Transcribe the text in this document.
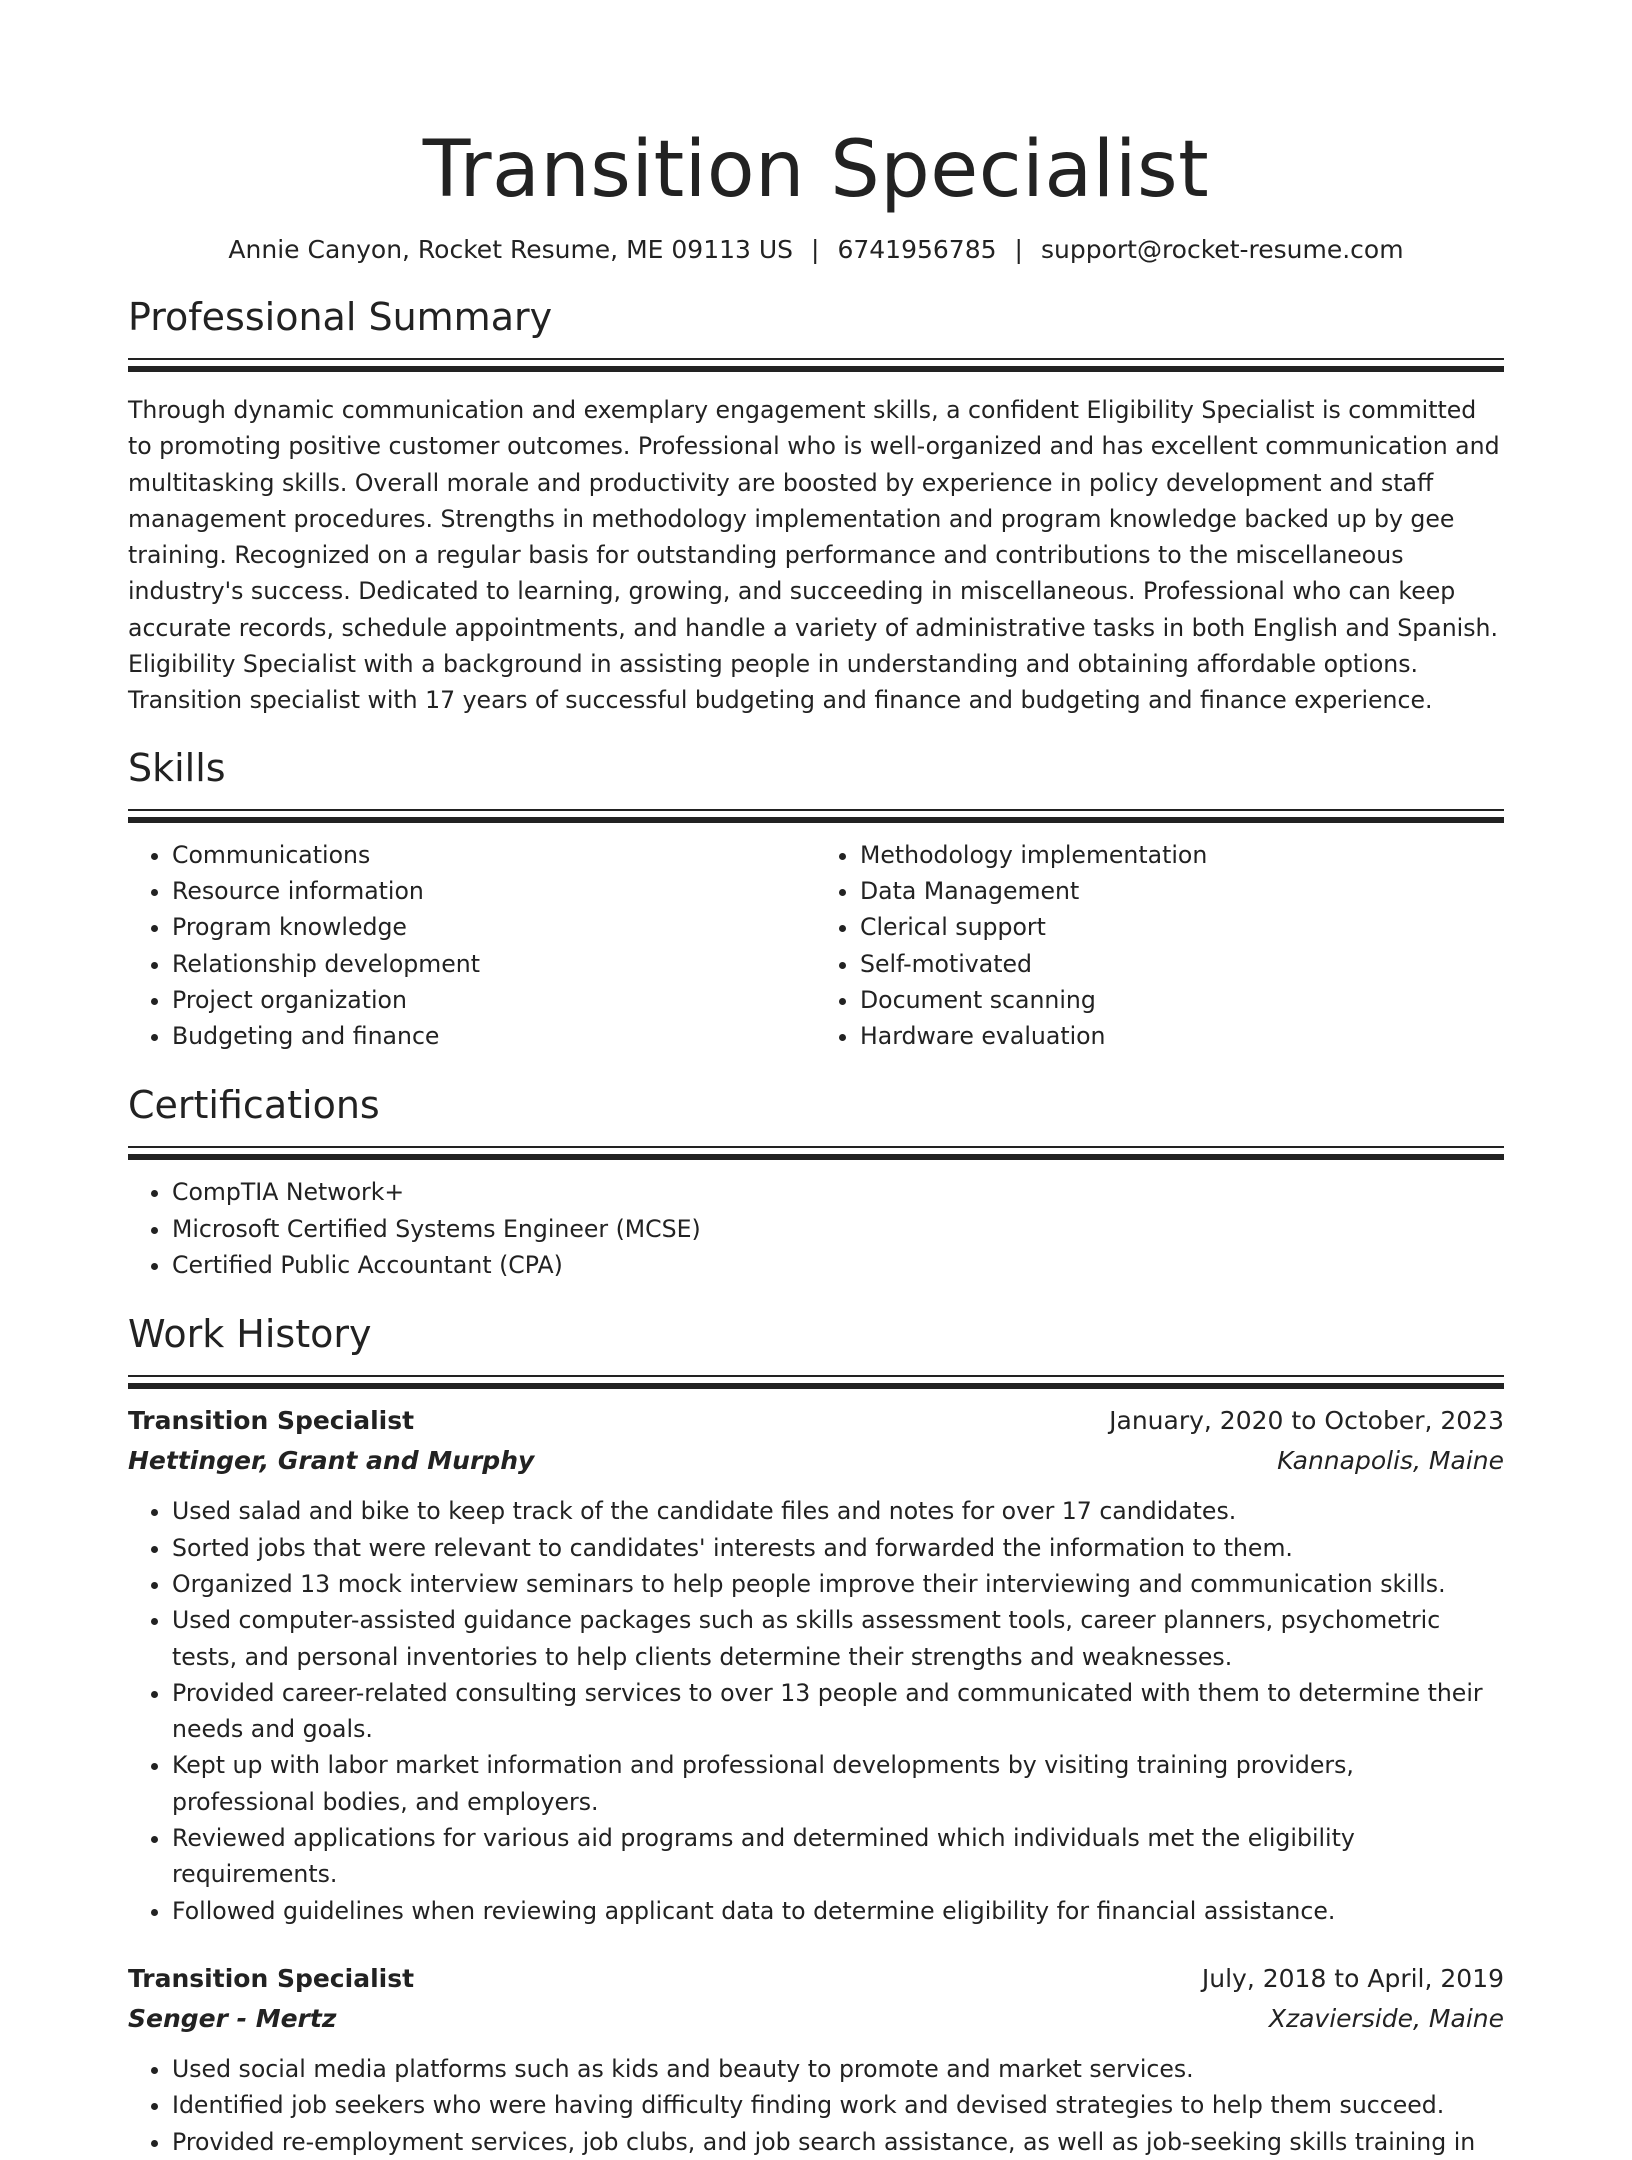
Transition Specialist
Annie Canyon, Rocket Resume, ME 09113 US | 6741956785 | support@rocket-resume.com
Professional Summary
Through dynamic communication and exemplary engagement skills, a confident Eligibility Specialist is committed to promoting positive customer outcomes. Professional who is well-organized and has excellent communication and multitasking skills. Overall morale and productivity are boosted by experience in policy development and staff management procedures. Strengths in methodology implementation and program knowledge backed up by gee training. Recognized on a regular basis for outstanding performance and contributions to the miscellaneous industry's success. Dedicated to learning, growing, and succeeding in miscellaneous. Professional who can keep accurate records, schedule appointments, and handle a variety of administrative tasks in both English and Spanish. Eligibility Specialist with a background in assisting people in understanding and obtaining affordable options. Transition specialist with 17 years of successful budgeting and finance and budgeting and finance experience.
Skills
• Communications
• Resource information
• Program knowledge
• Relationship development
• Project organization
• Budgeting and finance
• Methodology implementation
• Data Management
• Clerical support
• Self-motivated
• Document scanning
• Hardware evaluation
Certifications
• CompTIA Network+
• Microsoft Certified Systems Engineer (MCSE)
• Certified Public Accountant (CPA)
Work History
Transition Specialist	January, 2020 to October, 2023
Hettinger, Grant and Murphy	Kannapolis, Maine
• Used salad and bike to keep track of the candidate files and notes for over 17 candidates.
• Sorted jobs that were relevant to candidates' interests and forwarded the information to them.
• Organized 13 mock interview seminars to help people improve their interviewing and communication skills.
• Used computer-assisted guidance packages such as skills assessment tools, career planners, psychometric tests, and personal inventories to help clients determine their strengths and weaknesses.
• Provided career-related consulting services to over 13 people and communicated with them to determine their needs and goals.
• Kept up with labor market information and professional developments by visiting training providers, professional bodies, and employers.
• Reviewed applications for various aid programs and determined which individuals met the eligibility requirements.
• Followed guidelines when reviewing applicant data to determine eligibility for financial assistance.
Transition Specialist	July, 2018 to April, 2019
Senger - Mertz	Xzavierside, Maine
• Used social media platforms such as kids and beauty to promote and market services.
• Identified job seekers who were having difficulty finding work and devised strategies to help them succeed.
• Provided re-employment services, job clubs, and job search assistance, as well as job-seeking skills training in
